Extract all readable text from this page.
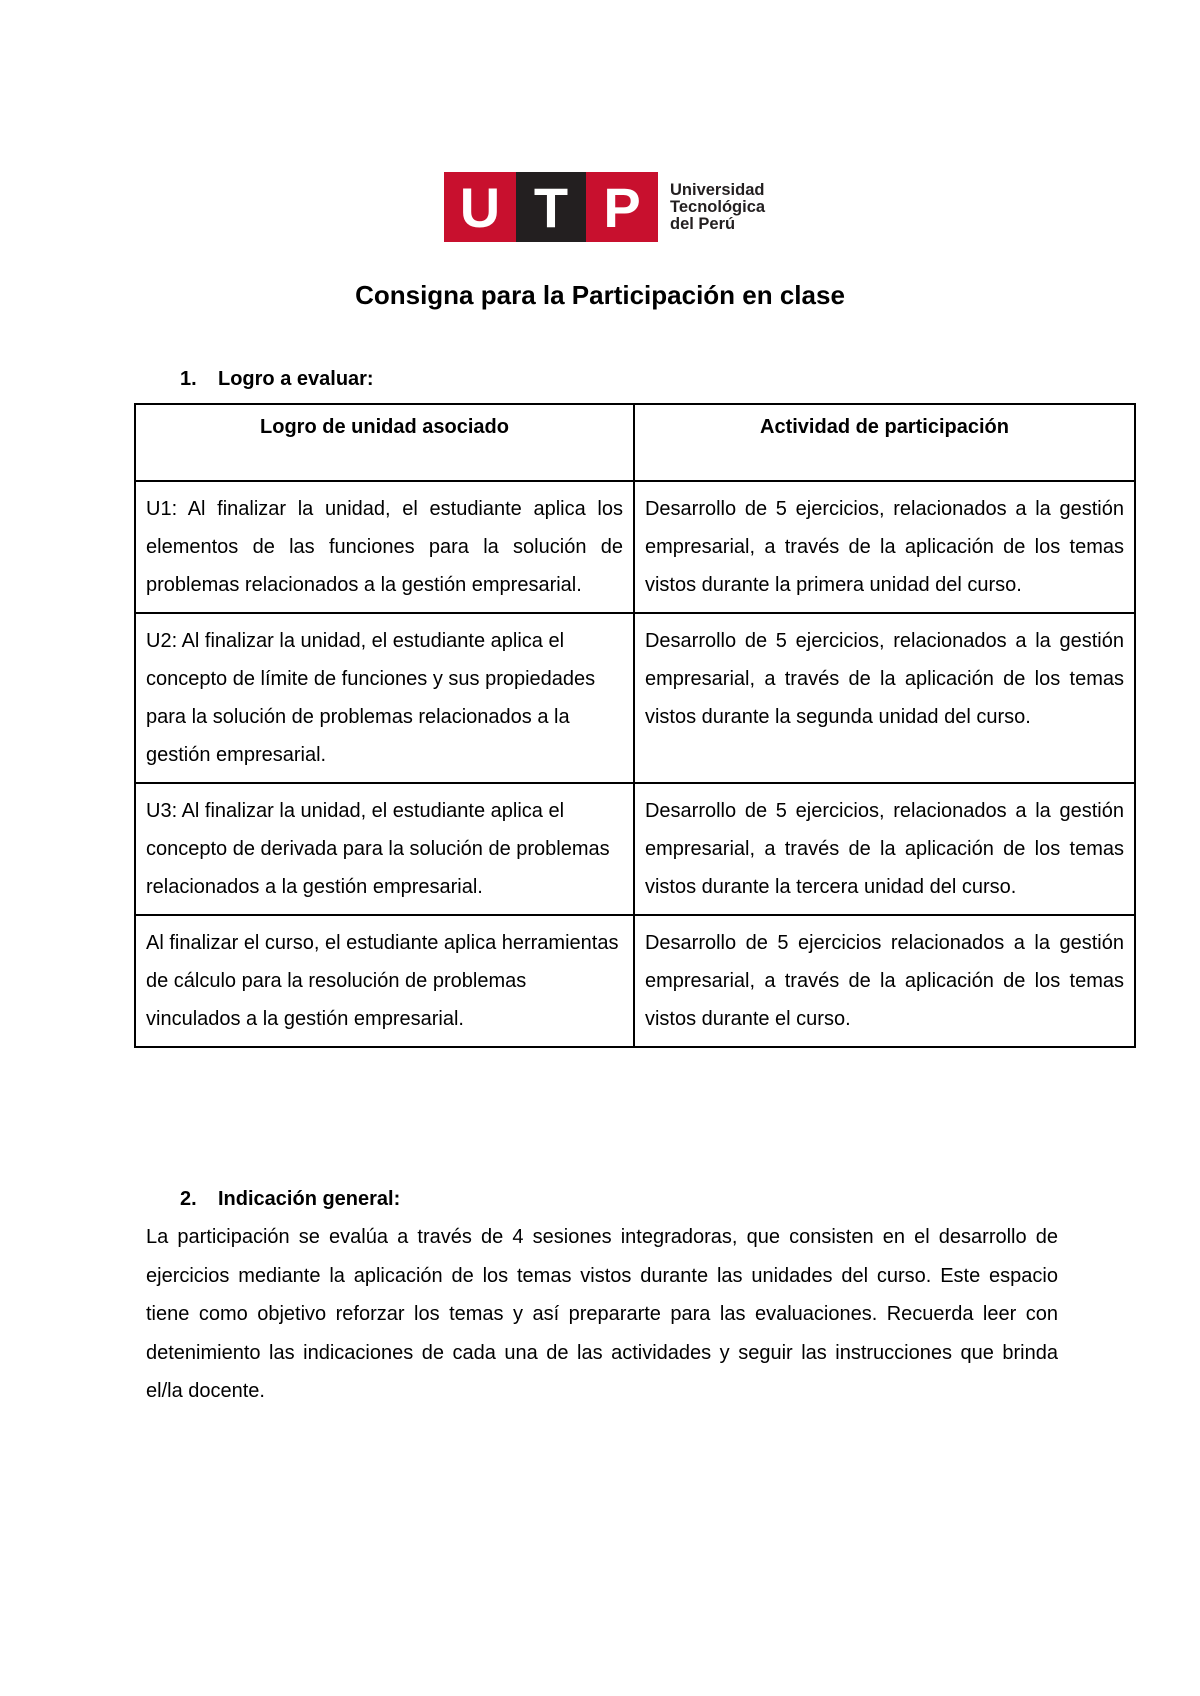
U T P	Universidad
Tecnológica
del Perú
Consigna para la Participación en clase
1. Logro a evaluar:
Logro de unidad asociado	Actividad de participación
U1: Al finalizar la unidad, el estudiante aplica los elementos de las funciones para la solución de problemas relacionados a la gestión empresarial.	Desarrollo de 5 ejercicios, relacionados a la gestión empresarial, a través de la aplicación de los temas vistos durante la primera unidad del curso.
U2: Al finalizar la unidad, el estudiante aplica el concepto de límite de funciones y sus propiedades para la solución de problemas relacionados a la gestión empresarial.	Desarrollo de 5 ejercicios, relacionados a la gestión empresarial, a través de la aplicación de los temas vistos durante la segunda unidad del curso.
U3: Al finalizar la unidad, el estudiante aplica el concepto de derivada para la solución de problemas relacionados a la gestión empresarial.	Desarrollo de 5 ejercicios, relacionados a la gestión empresarial, a través de la aplicación de los temas vistos durante la tercera unidad del curso.
Al finalizar el curso, el estudiante aplica herramientas de cálculo para la resolución de problemas vinculados a la gestión empresarial.	Desarrollo de 5 ejercicios relacionados a la gestión empresarial, a través de la aplicación de los temas vistos durante el curso.
2. Indicación general:
La participación se evalúa a través de 4 sesiones integradoras, que consisten en el desarrollo de ejercicios mediante la aplicación de los temas vistos durante las unidades del curso. Este espacio tiene como objetivo reforzar los temas y así prepararte para las evaluaciones. Recuerda leer con detenimiento las indicaciones de cada una de las actividades y seguir las instrucciones que brinda el/la docente.
